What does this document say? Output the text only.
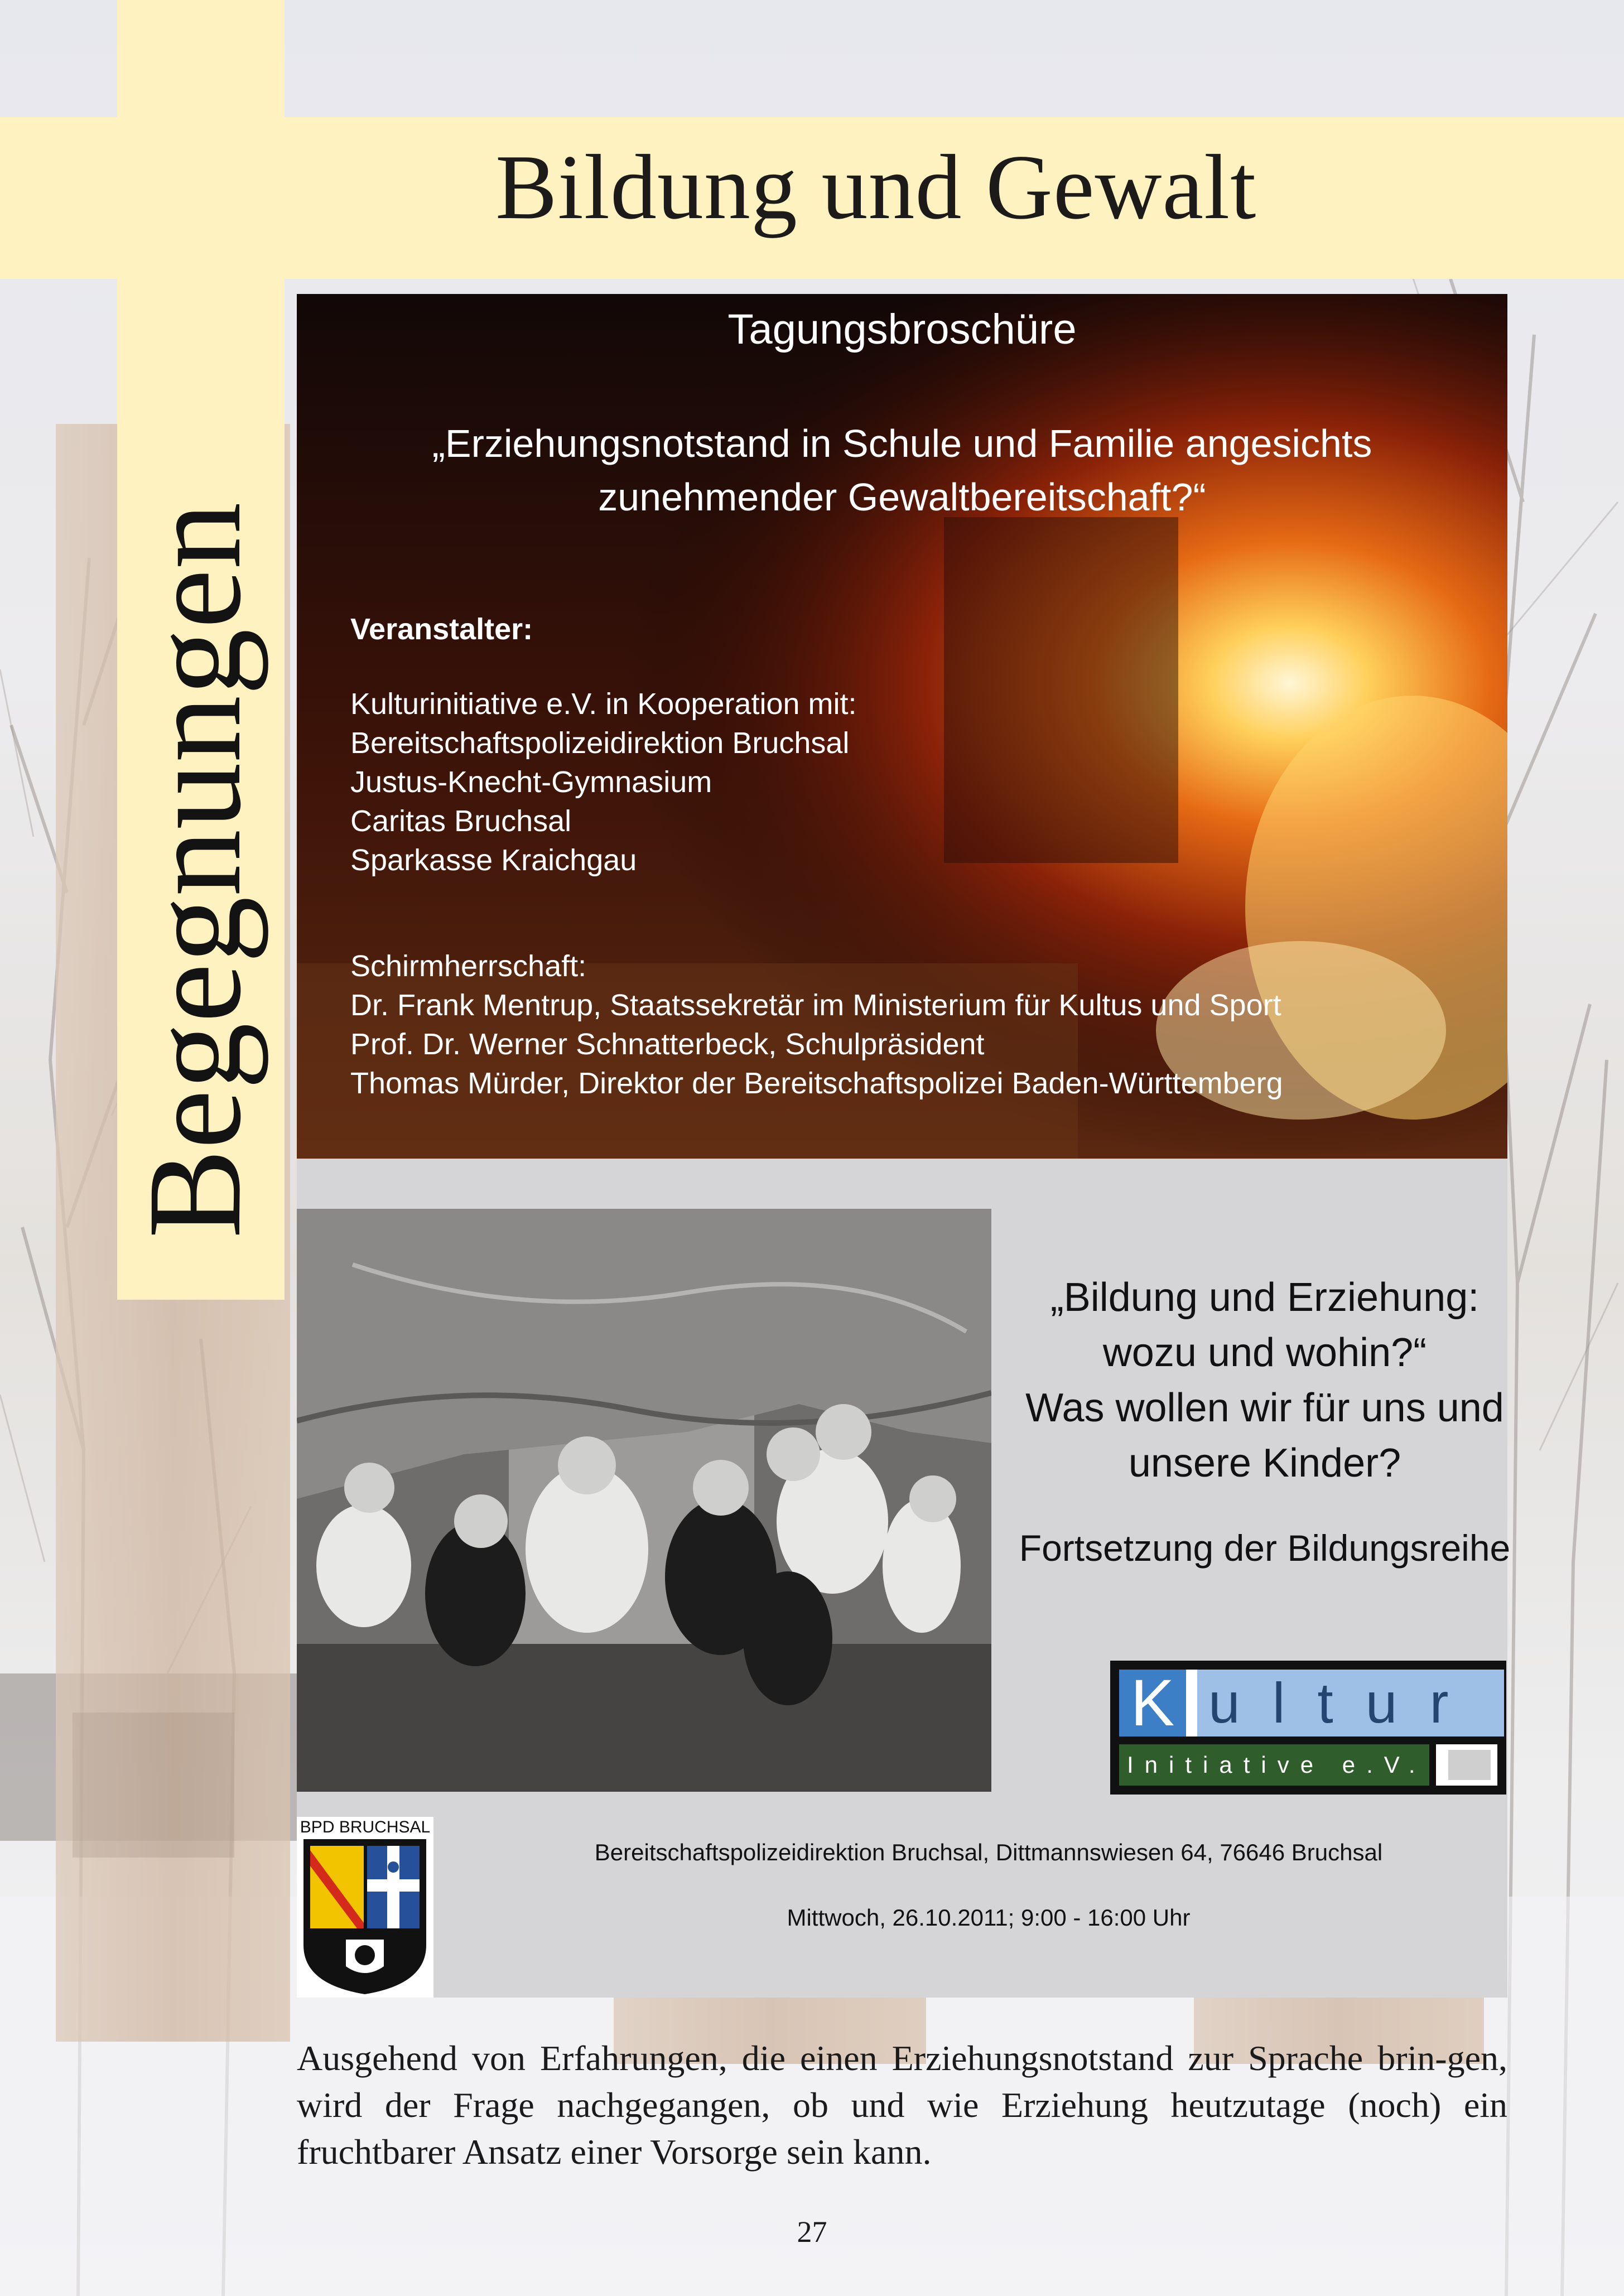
Bildung und Gewalt
Begegnungen
Tagungsbroschüre
„Erziehungsnotstand in Schule und Familie angesichts
zunehmender Gewaltbereitschaft?“
Veranstalter:
Kulturinitiative e.V. in Kooperation mit:
Bereitschaftspolizeidirektion Bruchsal
Justus-Knecht-Gymnasium
Caritas Bruchsal
Sparkasse Kraichgau
Schirmherrschaft:
Dr. Frank Mentrup, Staatssekretär im Ministerium für Kultus und Sport
Prof. Dr. Werner Schnatterbeck, Schulpräsident
Thomas Mürder, Direktor der Bereitschaftspolizei Baden-Württemberg
„Bildung und Erziehung:
wozu und wohin?“
Was wollen wir für uns und
unsere Kinder?
Fortsetzung der Bildungsreihe
K ultur
Initiative e.V.
BPD BRUCHSAL
Bereitschaftspolizeidirektion Bruchsal, Dittmannswiesen 64, 76646 Bruchsal
Mittwoch, 26.10.2011; 9:00 - 16:00 Uhr
Ausgehend von Erfahrungen, die einen Erziehungsnotstand zur Sprache brin-gen, wird der Frage nachgegangen, ob und wie Erziehung heutzutage (noch) ein fruchtbarer Ansatz einer Vorsorge sein kann.
27
